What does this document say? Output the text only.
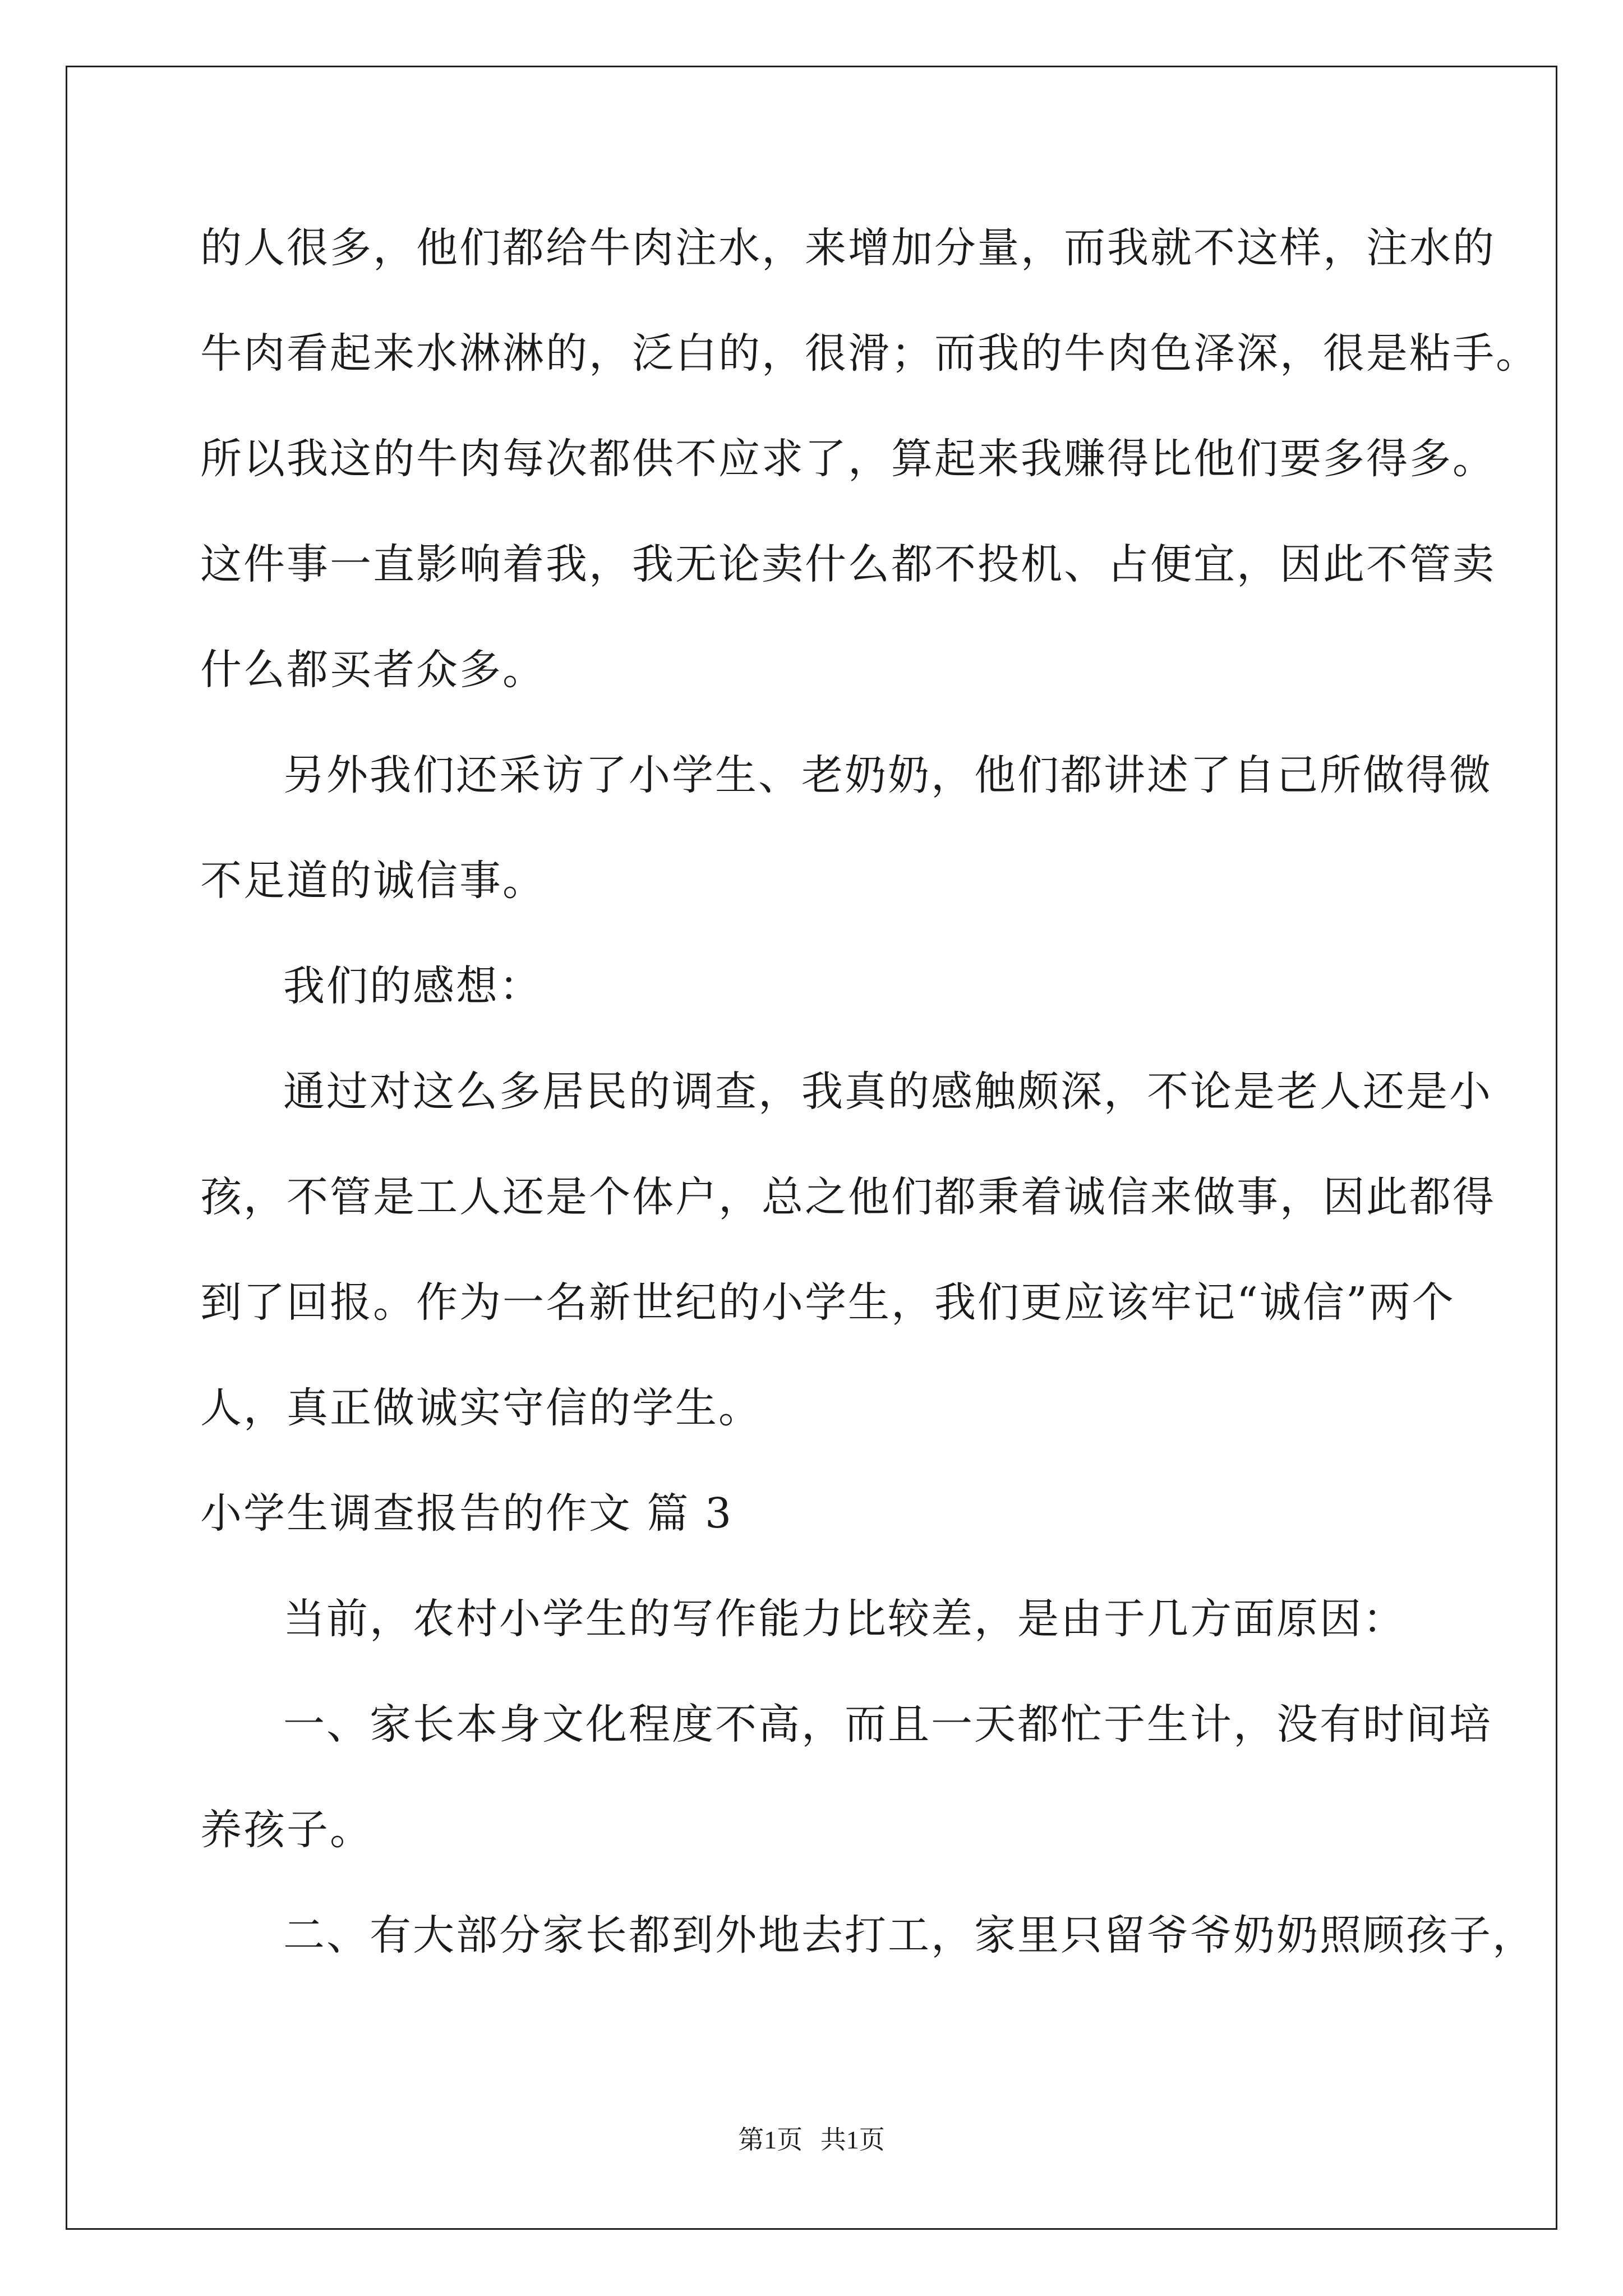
的人很多，他们都给牛肉注水，来增加分量，而我就不这样，注水的
牛肉看起来水淋淋的，泛白的，很滑；而我的牛肉色泽深，很是粘手。
所以我这的牛肉每次都供不应求了，算起来我赚得比他们要多得多。
这件事一直影响着我，我无论卖什么都不投机、占便宜，因此不管卖
什么都买者众多。
另外我们还采访了小学生、老奶奶，他们都讲述了自己所做得微
不足道的诚信事。
我们的感想：
通过对这么多居民的调查，我真的感触颇深，不论是老人还是小
孩，不管是工人还是个体户，总之他们都秉着诚信来做事，因此都得
到了回报。作为一名新世纪的小学生，我们更应该牢记“诚信”两个
人，真正做诚实守信的学生。
小学生调查报告的作文 篇 3
当前，农村小学生的写作能力比较差，是由于几方面原因：
一、家长本身文化程度不高，而且一天都忙于生计，没有时间培
养孩子。
二、有大部分家长都到外地去打工，家里只留爷爷奶奶照顾孩子，
第1页 共1页
